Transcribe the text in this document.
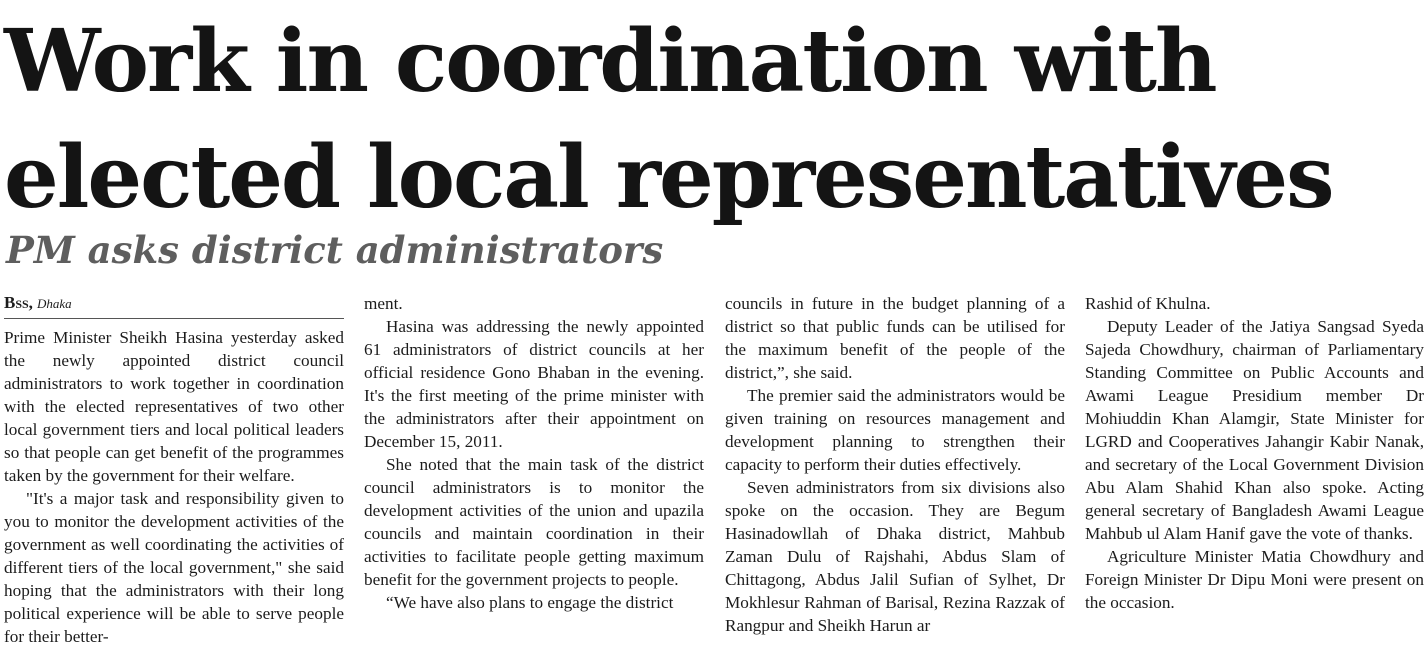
Work in coordination with elected local representatives
PM asks district administrators
Bss, Dhaka

Prime Minister Sheikh Hasina yesterday asked the newly appointed district council administrators to work together in coordination with the elected representatives of two other local government tiers and local political leaders so that people can get benefit of the programmes taken by the government for their welfare.

"It's a major task and responsibility given to you to monitor the development activities of the government as well coordinating the activities of different tiers of the local government," she said hoping that the administrators with their long political experience will be able to serve people for their better-

ment.

Hasina was addressing the newly appointed 61 administrators of district councils at her official residence Gono Bhaban in the evening. It's the first meeting of the prime minister with the administrators after their appointment on December 15, 2011.

She noted that the main task of the district council administrators is to monitor the development activities of the union and upazila councils and maintain coordination in their activities to facilitate people getting maximum benefit for the government projects to people.

“We have also plans to engage the district

councils in future in the budget planning of a district so that public funds can be utilised for the maximum benefit of the people of the district,”, she said.

The premier said the administrators would be given training on resources management and development planning to strengthen their capacity to perform their duties effectively.

Seven administrators from six divisions also spoke on the occasion. They are Begum Hasinadowllah of Dhaka district, Mahbub Zaman Dulu of Rajshahi, Abdus Slam of Chittagong, Abdus Jalil Sufian of Sylhet, Dr Mokhlesur Rahman of Barisal, Rezina Razzak of Rangpur and Sheikh Harun ar

Rashid of Khulna.

Deputy Leader of the Jatiya Sangsad Syeda Sajeda Chowdhury, chairman of Parliamentary Standing Committee on Public Accounts and Awami League Presidium member Dr Mohiuddin Khan Alamgir, State Minister for LGRD and Cooperatives Jahangir Kabir Nanak, and secretary of the Local Government Division Abu Alam Shahid Khan also spoke. Acting general secretary of Bangladesh Awami League Mahbub ul Alam Hanif gave the vote of thanks.

Agriculture Minister Matia Chowdhury and Foreign Minister Dr Dipu Moni were present on the occasion.
